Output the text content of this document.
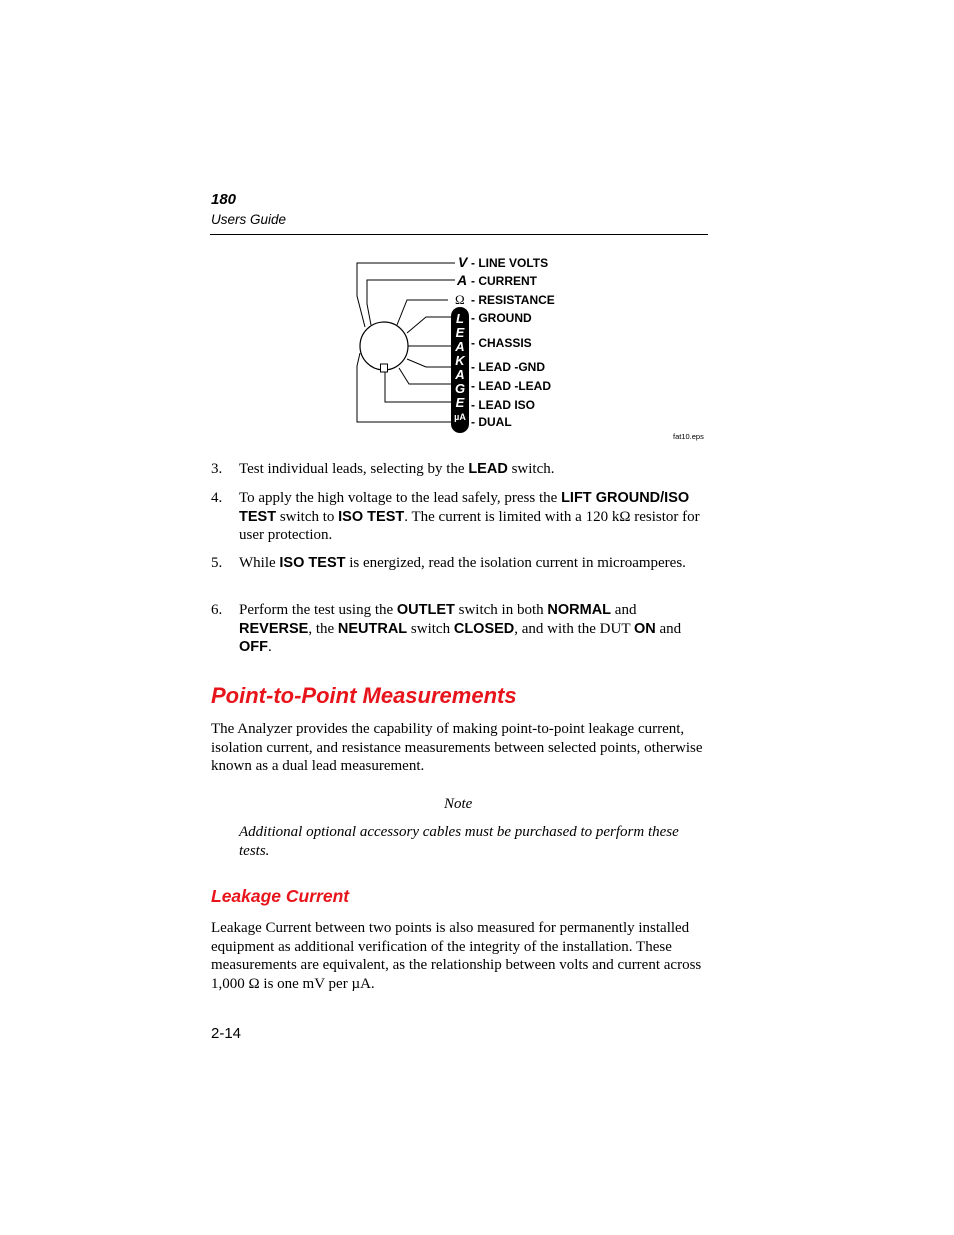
180
Users Guide
L
E
A
K
A
G
E
µA
V
A
Ω
- LINE VOLTS
- CURRENT
- RESISTANCE
- GROUND
- CHASSIS
- LEAD -GND
- LEAD -LEAD
- LEAD ISO
- DUAL
fat10.eps
3. Test individual leads, selecting by the LEAD switch.
4. To apply the high voltage to the lead safely, press the LIFT GROUND/ISO TEST switch to ISO TEST. The current is limited with a 120 kΩ resistor for user protection.
5. While ISO TEST is energized, read the isolation current in microamperes.
6. Perform the test using the OUTLET switch in both NORMAL and REVERSE, the NEUTRAL switch CLOSED, and with the DUT ON and OFF.
Point-to-Point Measurements
The Analyzer provides the capability of making point-to-point leakage current, isolation current, and resistance measurements between selected points, otherwise known as a dual lead measurement.
Note
Additional optional accessory cables must be purchased to perform these tests.
Leakage Current
Leakage Current between two points is also measured for permanently installed equipment as additional verification of the integrity of the installation. These measurements are equivalent, as the relationship between volts and current across 1,000 Ω is one mV per µA.
2-14
